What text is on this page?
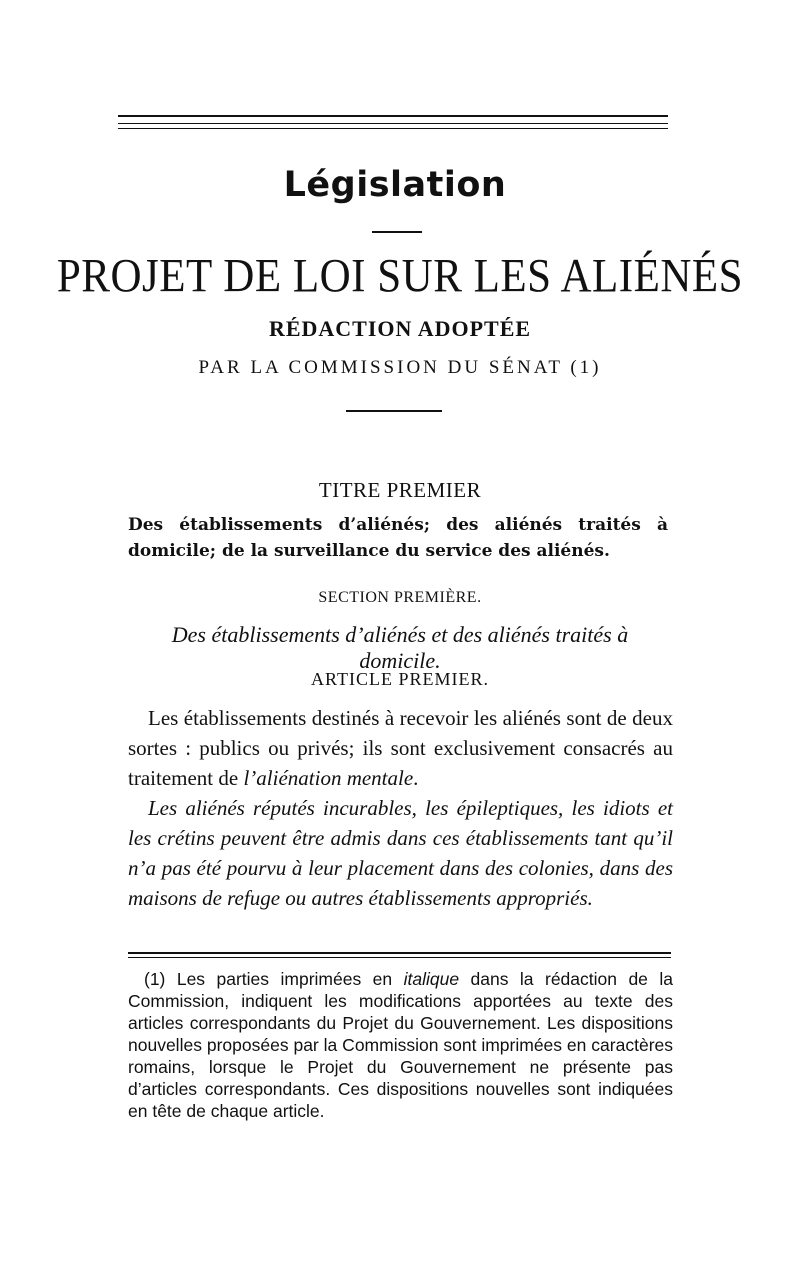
Législation
PROJET DE LOI SUR LES ALIÉNÉS
RÉDACTION ADOPTÉE
PAR LA COMMISSION DU SÉNAT (1)
TITRE PREMIER
Des établissements d’aliénés; des aliénés traités à domicile; de la surveillance du service des aliénés.
SECTION PREMIÈRE.
Des établissements d’aliénés et des aliénés traités à domicile.
ARTICLE PREMIER.

Les établissements destinés à recevoir les aliénés sont de deux sortes : publics ou privés; ils sont exclusivement consacrés au traitement de l’aliénation mentale.

Les aliénés réputés incurables, les épileptiques, les idiots et les crétins peuvent être admis dans ces établissements tant qu’il n’a pas été pourvu à leur placement dans des colonies, dans des maisons de refuge ou autres établissements appropriés.

(1) Les parties imprimées en italique dans la rédaction de la Commission, indiquent les modifications apportées au texte des articles correspondants du Projet du Gouvernement. Les dispositions nouvelles proposées par la Commission sont imprimées en caractères romains, lorsque le Projet du Gouvernement ne présente pas d’articles correspondants. Ces dispositions nouvelles sont indiquées en tête de chaque article.
